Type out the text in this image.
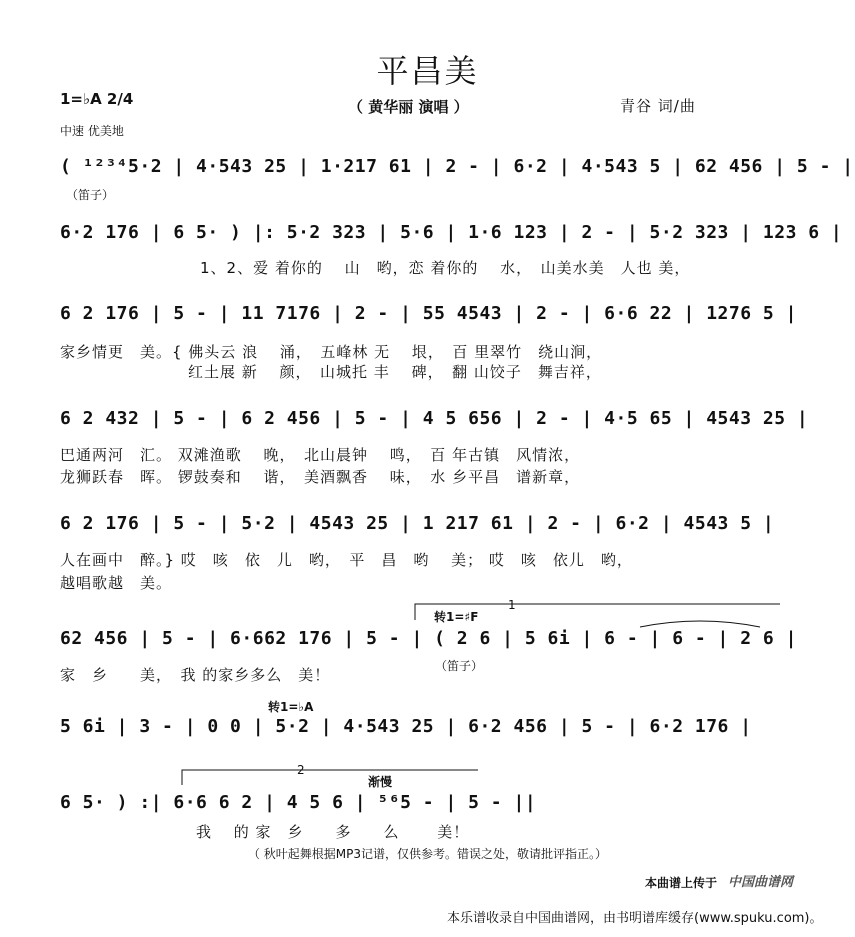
平昌美
1=♭A 2/4
中速 优美地
（ 黄华丽 演唱 ）	青谷 词/曲
( ¹²³⁴5·2 | 4·543 25 | 1·217 61 | 2 - | 6·2 | 4·543 5 | 62 456 | 5 - |
（笛子）
6·2 176 | 6 5· ) |: 5·2 323 | 5·6 | 1·6 123 | 2 - | 5·2 323 | 123 6 |
1、2、爱 着你的　 山　哟，恋 着你的　 水，　山美水美　人也 美，
6 2 176 | 5 - | 11 7176 | 2 - | 55 4543 | 2 - | 6·6 22 | 1276 5 |
家乡情更　美。{ 佛头云 浪　 涌，　五峰林 无　 垠，　百 里翠竹　绕山涧，
　　　　　　　　红土展 新　 颜，　山城托 丰　 碑，　翻 山饺子　舞吉祥，
6 2 432 | 5 - | 6 2 456 | 5 - | 4 5 656 | 2 - | 4·5 65 | 4543 25 |
巴通两河　汇。 双滩渔歌　 晚，　北山晨钟　 鸣，　百 年古镇　风情浓，
龙狮跃春　晖。 锣鼓奏和　 谐，　美酒飘香　 味，　水 乡平昌　谱新章，
6 2 176 | 5 - | 5·2 | 4543 25 | 1 217 61 | 2 - | 6·2 | 4543 5 |
人在画中　醉。} 哎　咳　依　儿　哟，　平　昌　哟　 美； 哎　咳　依儿　哟，
越唱歌越　美。
转1=♯F
1
62 456 | 5 - | 6·662 176 | 5 - | ( 2 6 | 5 6i | 6 - | 6 - | 2 6 |
家　乡　　美，　我 的家乡多么　美！	（笛子）
转1=♭A
5 6i | 3 - | 0 0 | 5·2 | 4·543 25 | 6·2 456 | 5 - | 6·2 176 |
2
渐慢
6 5· ) :| 6·6 6 2 | 4 5 6 | ⁵⁶5 - | 5 - ||
我　 的 家　乡　　多　　么　　 美！
（ 秋叶起舞根据MP3记谱，仅供参考。错误之处，敬请批评指正。）
本曲谱上传于 中国曲谱网
本乐谱收录自中国曲谱网，由书明谱库缓存(www.spuku.com)。
